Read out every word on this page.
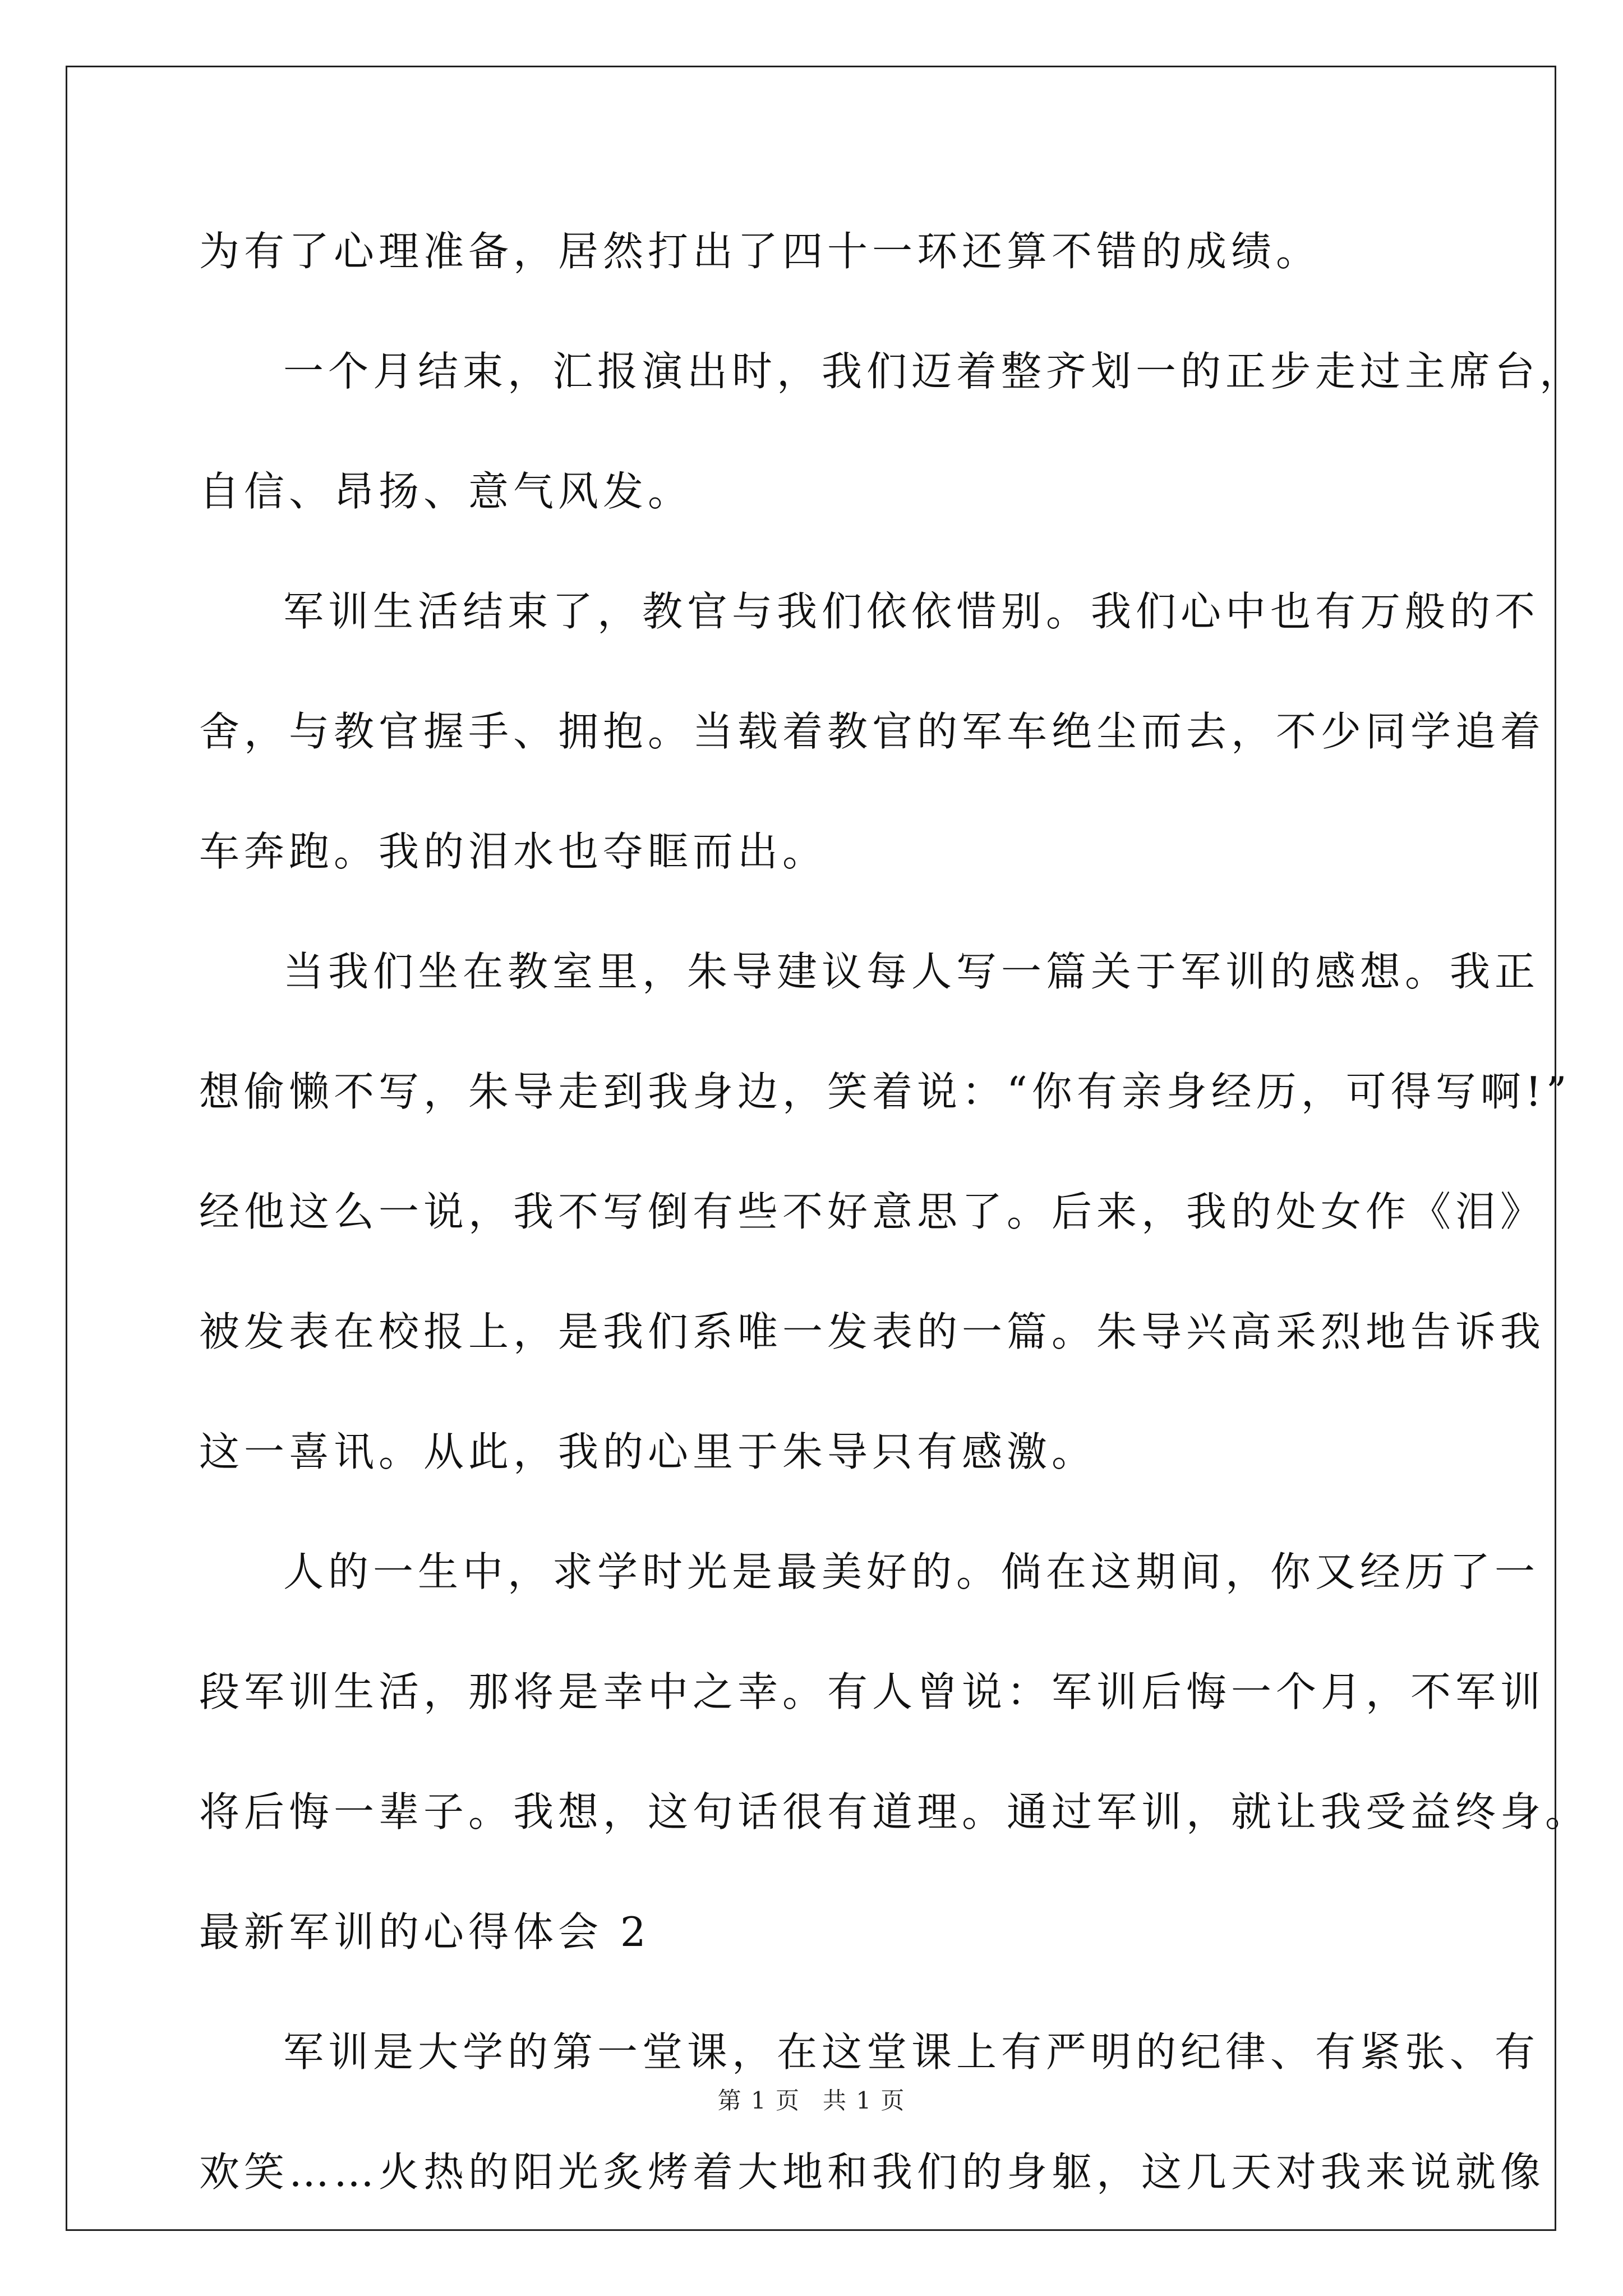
为有了心理准备，居然打出了四十一环还算不错的成绩。
一个月结束，汇报演出时，我们迈着整齐划一的正步走过主席台，
自信、昂扬、意气风发。
军训生活结束了，教官与我们依依惜别。我们心中也有万般的不
舍，与教官握手、拥抱。当载着教官的军车绝尘而去，不少同学追着
车奔跑。我的泪水也夺眶而出。
当我们坐在教室里，朱导建议每人写一篇关于军训的感想。我正
想偷懒不写，朱导走到我身边，笑着说：“你有亲身经历，可得写啊!”
经他这么一说，我不写倒有些不好意思了。后来，我的处女作《泪》
被发表在校报上，是我们系唯一发表的一篇。朱导兴高采烈地告诉我
这一喜讯。从此，我的心里于朱导只有感激。
人的一生中，求学时光是最美好的。倘在这期间，你又经历了一
段军训生活，那将是幸中之幸。有人曾说：军训后悔一个月，不军训
将后悔一辈子。我想，这句话很有道理。通过军训，就让我受益终身。
最新军训的心得体会 2
军训是大学的第一堂课，在这堂课上有严明的纪律、有紧张、有
欢笑……火热的阳光炙烤着大地和我们的身躯，这几天对我来说就像
第 1 页 共 1 页
